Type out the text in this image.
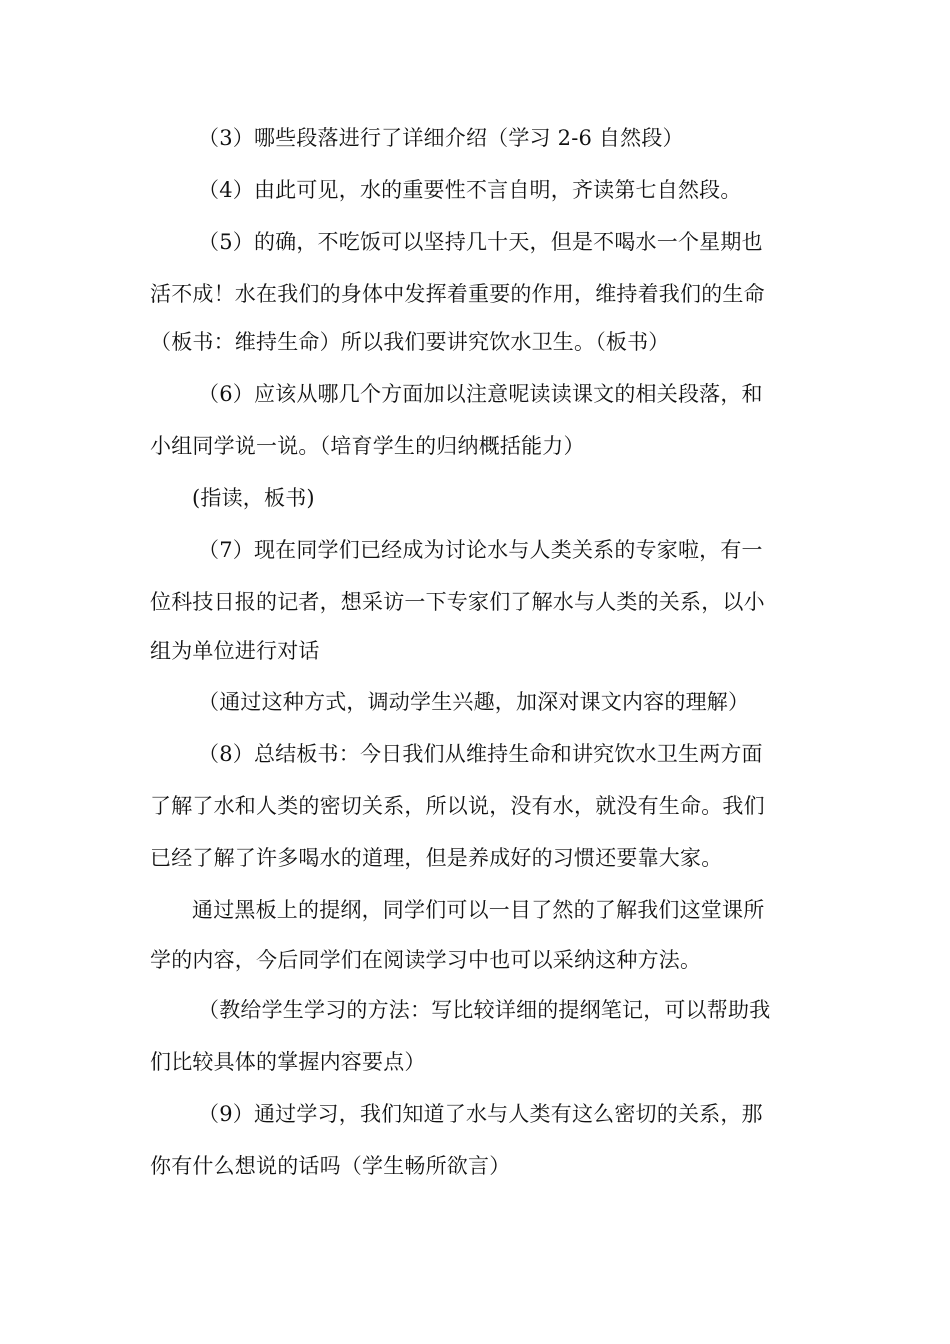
（3）哪些段落进行了详细介绍（学习 2-6 自然段）
（4）由此可见，水的重要性不言自明，齐读第七自然段。
（5）的确，不吃饭可以坚持几十天，但是不喝水一个星期也
活不成！水在我们的身体中发挥着重要的作用，维持着我们的生命
（板书：维持生命）所以我们要讲究饮水卫生。（板书）
（6）应该从哪几个方面加以注意呢读读课文的相关段落，和
小组同学说一说。（培育学生的归纳概括能力）
(指读，板书)
（7）现在同学们已经成为讨论水与人类关系的专家啦，有一
位科技日报的记者，想采访一下专家们了解水与人类的关系，以小
组为单位进行对话
（通过这种方式，调动学生兴趣，加深对课文内容的理解）
（8）总结板书：今日我们从维持生命和讲究饮水卫生两方面
了解了水和人类的密切关系，所以说，没有水，就没有生命。我们
已经了解了许多喝水的道理，但是养成好的习惯还要靠大家。
通过黑板上的提纲，同学们可以一目了然的了解我们这堂课所
学的内容，今后同学们在阅读学习中也可以采纳这种方法。
（教给学生学习的方法：写比较详细的提纲笔记，可以帮助我
们比较具体的掌握内容要点）
（9）通过学习，我们知道了水与人类有这么密切的关系，那
你有什么想说的话吗（学生畅所欲言）
